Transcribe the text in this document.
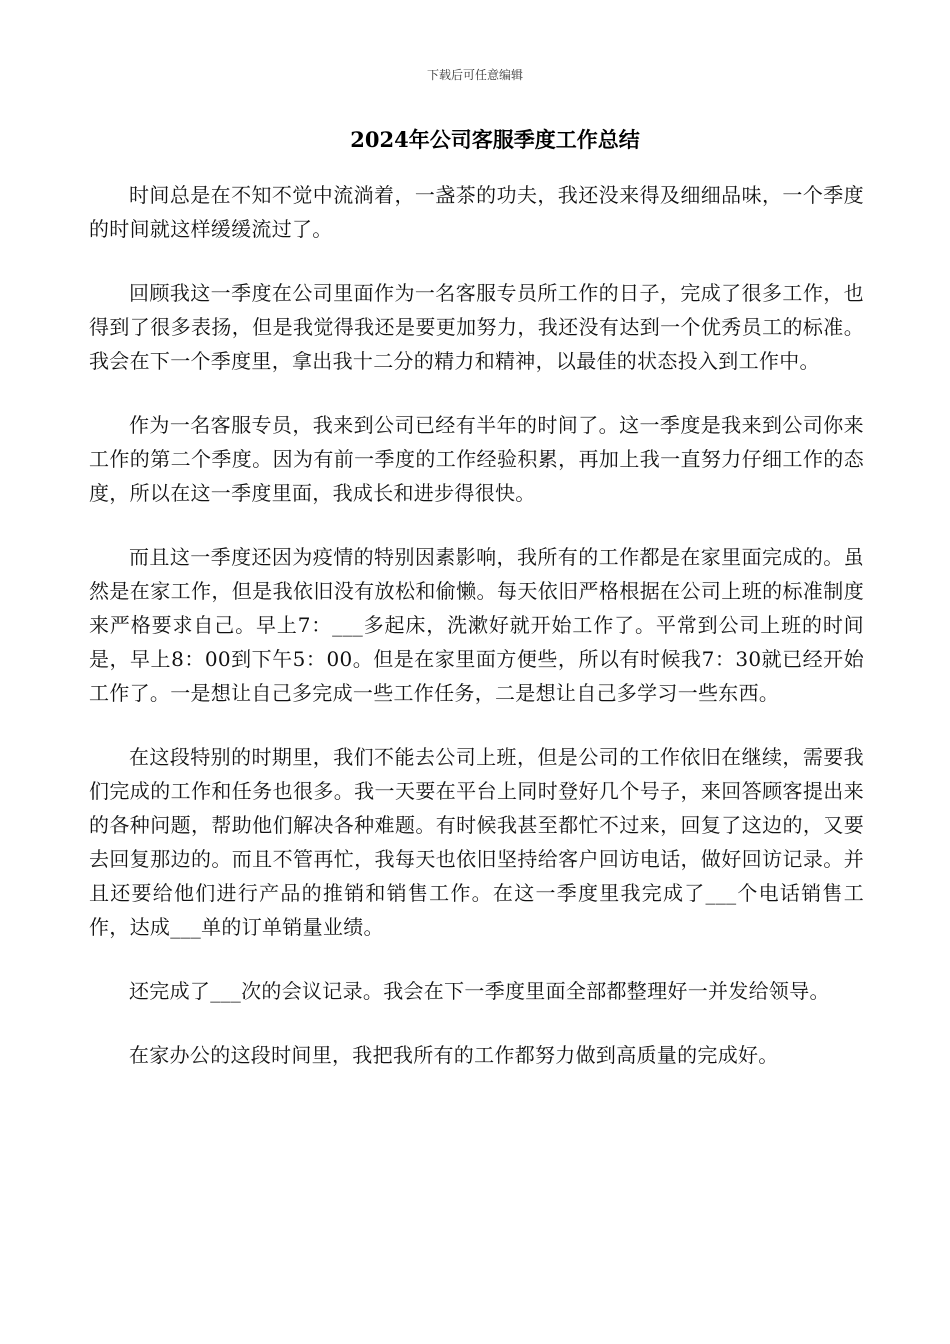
下载后可任意编辑
2024年公司客服季度工作总结

时间总是在不知不觉中流淌着，一盏茶的功夫，我还没来得及细细品味，一个季度的时间就这样缓缓流过了。

回顾我这一季度在公司里面作为一名客服专员所工作的日子，完成了很多工作，也得到了很多表扬，但是我觉得我还是要更加努力，我还没有达到一个优秀员工的标准。我会在下一个季度里，拿出我十二分的精力和精神，以最佳的状态投入到工作中。

作为一名客服专员，我来到公司已经有半年的时间了。这一季度是我来到公司你来工作的第二个季度。因为有前一季度的工作经验积累，再加上我一直努力仔细工作的态度，所以在这一季度里面，我成长和进步得很快。

而且这一季度还因为疫情的特别因素影响，我所有的工作都是在家里面完成的。虽然是在家工作，但是我依旧没有放松和偷懒。每天依旧严格根据在公司上班的标准制度来严格要求自己。早上7：___多起床，洗漱好就开始工作了。平常到公司上班的时间是，早上8：00到下午5：00。但是在家里面方便些，所以有时候我7：30就已经开始工作了。一是想让自己多完成一些工作任务，二是想让自己多学习一些东西。

在这段特别的时期里，我们不能去公司上班，但是公司的工作依旧在继续，需要我们完成的工作和任务也很多。我一天要在平台上同时登好几个号子，来回答顾客提出来的各种问题，帮助他们解决各种难题。有时候我甚至都忙不过来，回复了这边的，又要去回复那边的。而且不管再忙，我每天也依旧坚持给客户回访电话，做好回访记录。并且还要给他们进行产品的推销和销售工作。在这一季度里我完成了___个电话销售工作，达成___单的订单销量业绩。

还完成了___次的会议记录。我会在下一季度里面全部都整理好一并发给领导。

在家办公的这段时间里，我把我所有的工作都努力做到高质量的完成好。
